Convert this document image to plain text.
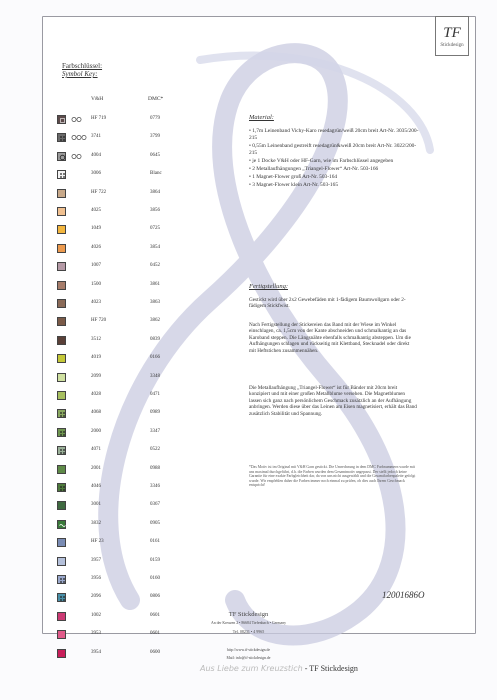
TF
Stickdesign
Farbschlüssel:
Symbol Key:
V&H	DMC*
HF 719	0779
3741	3799
4004	0645
3006	Blanc
HF 722	3864
4025	3856
1049	0725
4026	3854
1007	0452
1500	3861
4023	3863
HF 720	3862
3512	0839
4019	0166
2099	3348
4028	0471
4068	0989
2000	3347
4071	0522
2001	0988
4046	3346
3001	0367
3832	0905
HF 23	0161
3957	0159
3956	0160
2096	0806
1002	0601
3953	0601
3954	0600
Material:
• 1,7m Leinenband Vichy-Karo resedagrün/weiß 20cm breit Art-Nr. 3035/200-215
• 0,55m Leinenband gestreift resedagrün&weiß 20cm breit Art-Nr. 3022/200-215
• je 1 Docke V&H oder HF-Garn, wie im Farbschlüssel angegeben
• 2 Metallaufhängungen „Triangel-Flower“ Art-Nr. 503-166
• 1 Magnet-Flower groß Art-Nr. 503-164
• 3 Magnet-Flower klein Art-Nr. 503-165
Fertigstellung:

Gestickt wird über 2x2 Gewebefäden mit 1-fädigem Baumwollgarn oder 2-fädigem Stickfwist.

Nach Fertigstellung der Stickereien das Band mit der Wiese im Winkel einschlagen, ca. 1,5cm von der Kante abschneiden und schmalkantig an das Karoband steppen. Die Längsnähte ebenfalls schmalkantig absteppen. Um die Aufhängungen schlagen und rückseitig mit Klettband, Stecknadel oder direkt mit Heftstichen zusammennähen.

Die Metallaufhängung „Triangel-Flower“ ist für Bänder mit 20cm breit konzipiert und mit einer großen Metallblume versehen. Die Magnetblumen lassen sich ganz nach persönlichem Geschmack zusätzlich an der Aufhängung anbringen. Werden diese über das Leinen am Eisen magnetisiert, erhält das Band zusätzlich Stabilität und Spannung.

*Das Motiv ist im Original mit V&H Garn gestickt. Die Umrechnung in dem DMC Farbnummern wurde mit uns maximal durchgeführt, d.h. die Farben wurden dem Gesamtmotiv angepasst. Der stellt jedoch keine Garantie für eine exakte Farbgleichheit dar, da von uns nicht ausgewählt und die Gesamtfarbenpalette gefolgt wurde. Wir empfehlen daher die Farben immer noch einmal zu prüfen, ob dies auch Ihrem Geschmack entspricht!

12001686O
TF Stickdesign
An der Kreuzen 2 • 86684 Tiefenbach • Germany
Tel. 08231 • 4 9965
http://www.tf-stickdesign.de
Mail: info@tf-stickdesign.de
Aus Liebe zum Kreuzstich - TF Stickdesign
